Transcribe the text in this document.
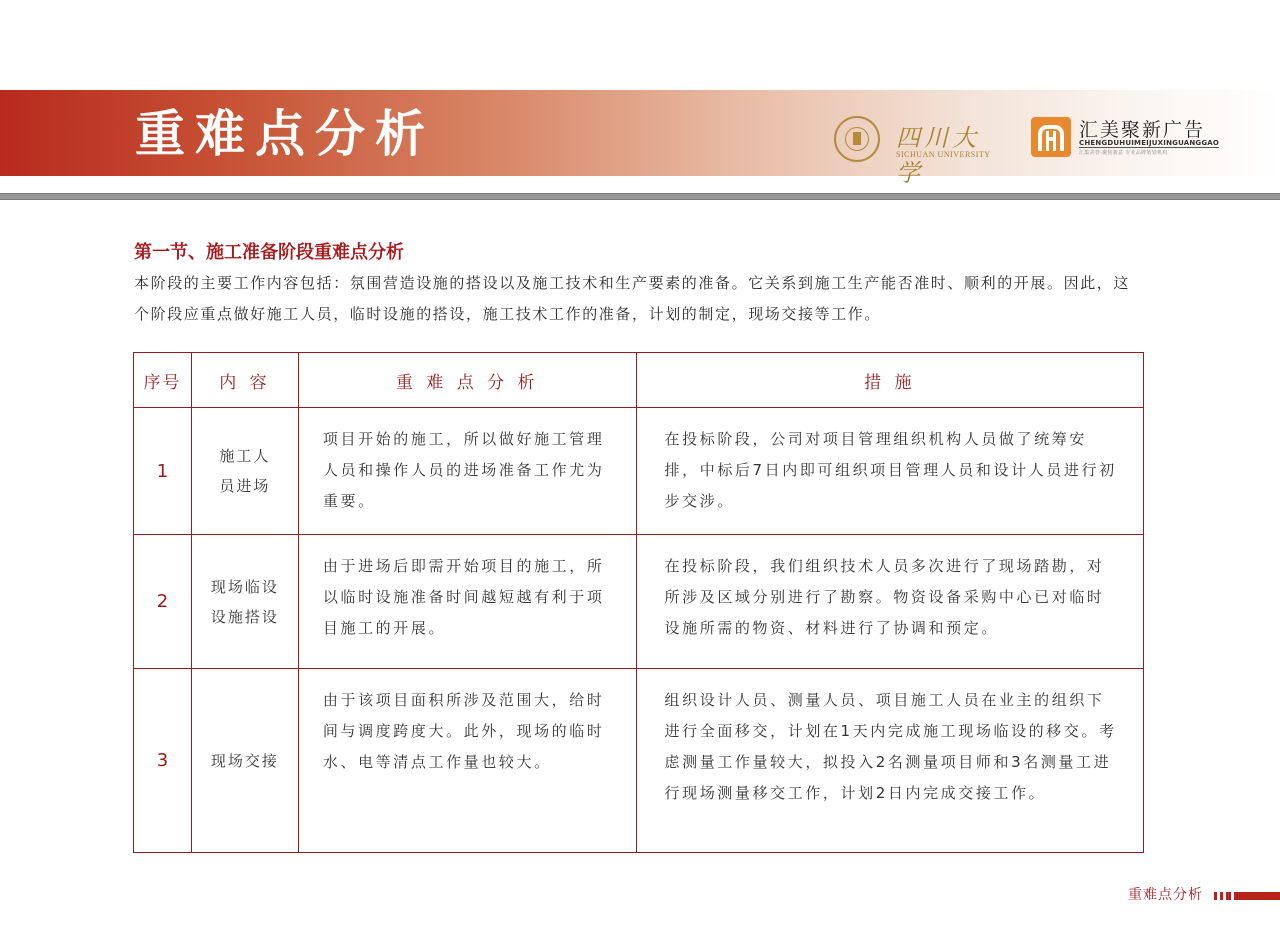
重难点分析	四川大学
SICHUAN UNIVERSITY
汇美聚新广告
CHENGDUHUIMEIJUXINGUANGGAO
汇集美誉·聚焦新意 专业品牌策划机构
第一节、施工准备阶段重难点分析
本阶段的主要工作内容包括：氛围营造设施的搭设以及施工技术和生产要素的准备。它关系到施工生产能否准时、顺利的开展。因此，这个阶段应重点做好施工人员，临时设施的搭设，施工技术工作的准备，计划的制定，现场交接等工作。
序号	内 容	重 难 点 分 析	措 施
1	施工人员进场	项目开始的施工，所以做好施工管理人员和操作人员的进场准备工作尤为重要。	在投标阶段，公司对项目管理组织机构人员做了统筹安排，中标后7日内即可组织项目管理人员和设计人员进行初步交涉。
2	现场临设设施搭设	由于进场后即需开始项目的施工，所以临时设施准备时间越短越有利于项目施工的开展。	在投标阶段，我们组织技术人员多次进行了现场踏勘，对所涉及区域分别进行了勘察。物资设备采购中心已对临时设施所需的物资、材料进行了协调和预定。
3	现场交接	由于该项目面积所涉及范围大，给时间与调度跨度大。此外，现场的临时水、电等清点工作量也较大。	组织设计人员、测量人员、项目施工人员在业主的组织下进行全面移交，计划在1天内完成施工现场临设的移交。考虑测量工作量较大，拟投入2名测量项目师和3名测量工进行现场测量移交工作，计划2日内完成交接工作。
重难点分析
